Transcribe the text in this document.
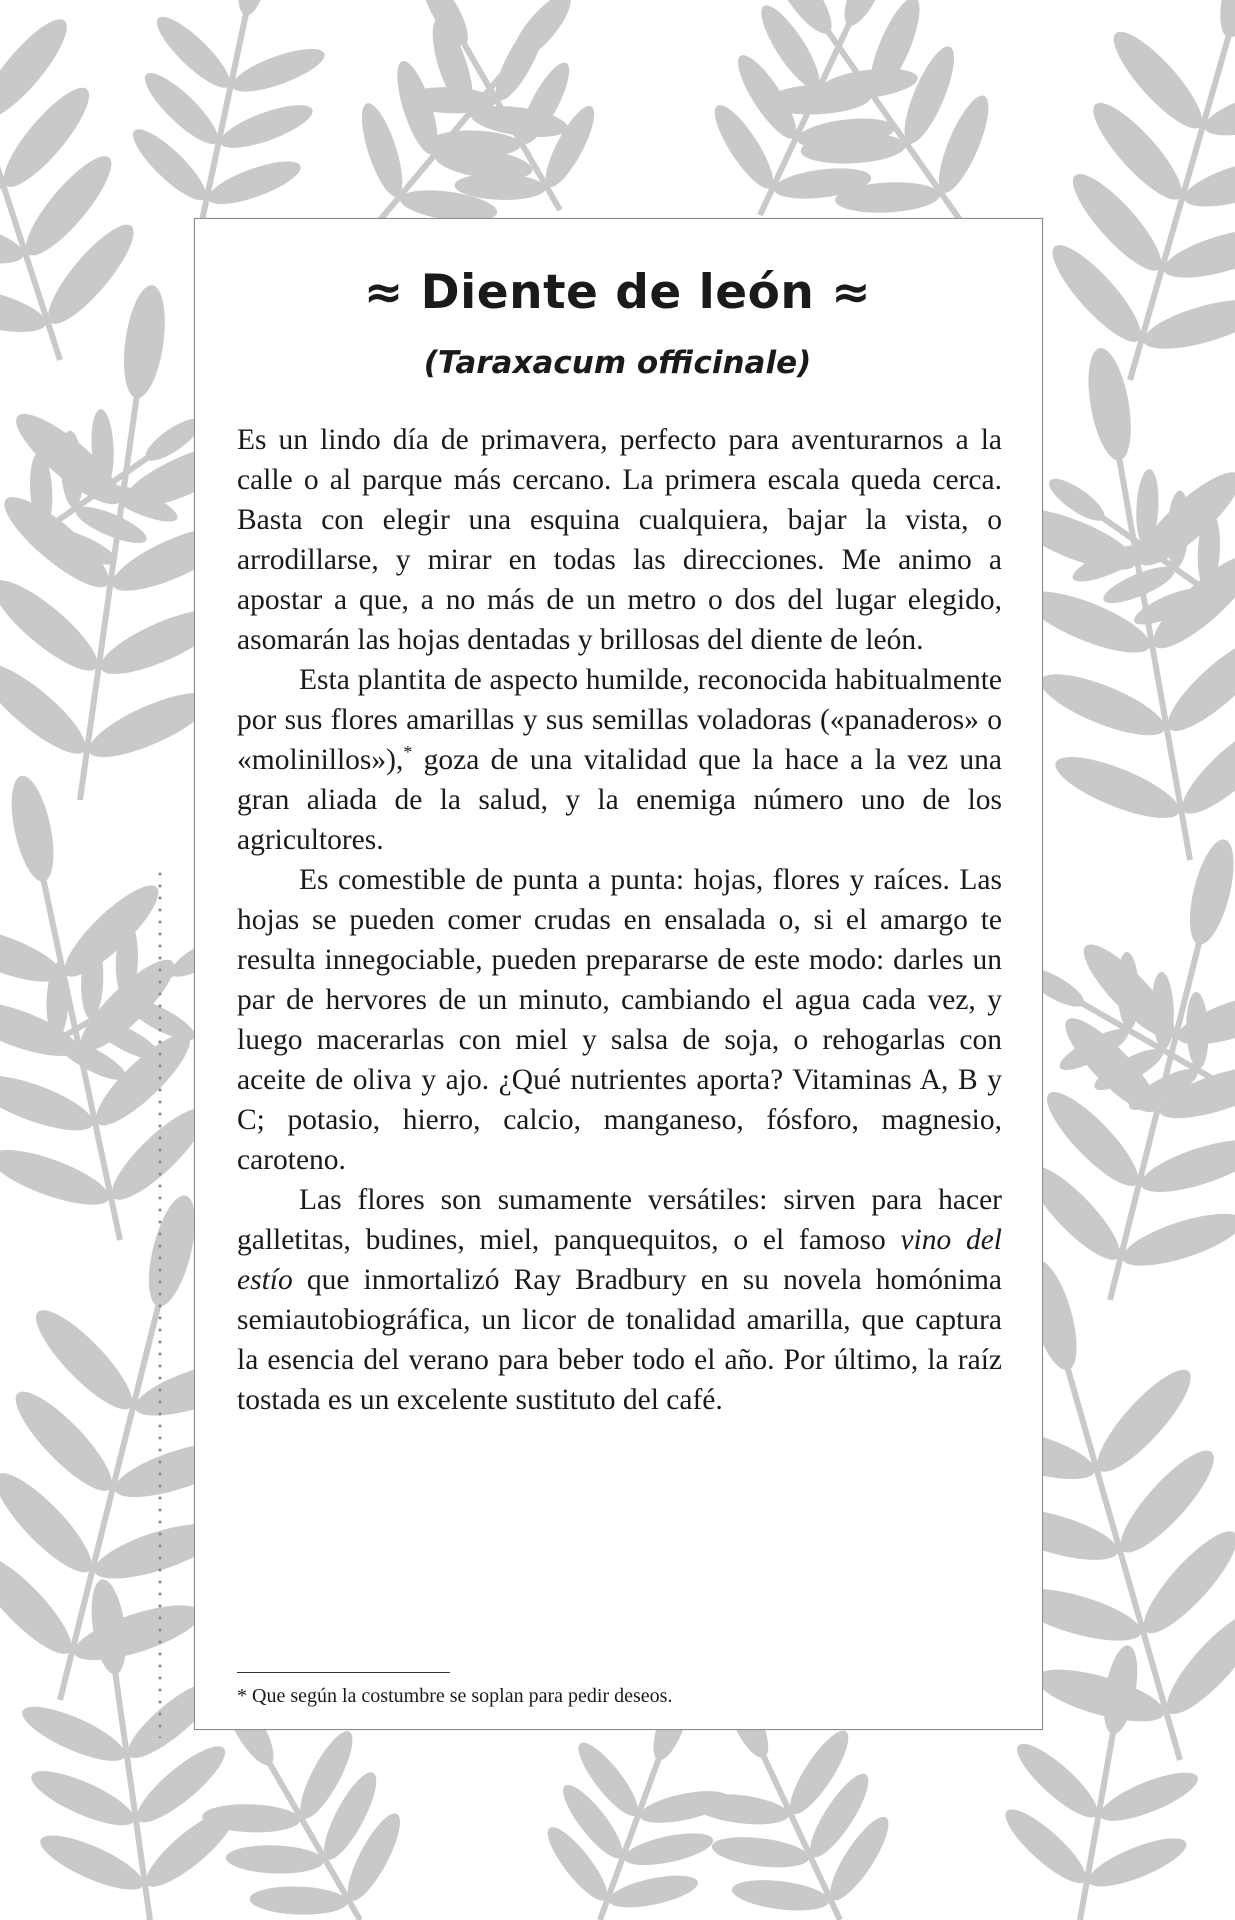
≈ Diente de león ≈
(Taraxacum officinale)

Es un lindo día de primavera, perfecto para aventurarnos a la calle o al parque más cercano. La primera escala queda cerca. Basta con elegir una esquina cualquiera, bajar la vista, o arrodillarse, y mirar en todas las direcciones. Me animo a apostar a que, a no más de un metro o dos del lugar elegido, asomarán las hojas dentadas y brillosas del diente de león.

Esta plantita de aspecto humilde, reconocida habitualmente por sus flores amarillas y sus semillas voladoras («panaderos» o «molinillos»),* goza de una vitalidad que la hace a la vez una gran aliada de la salud, y la enemiga número uno de los agricultores.

Es comestible de punta a punta: hojas, flores y raíces. Las hojas se pueden comer crudas en ensalada o, si el amargo te resulta innegociable, pueden prepararse de este modo: darles un par de hervores de un minuto, cambiando el agua cada vez, y luego macerarlas con miel y salsa de soja, o rehogarlas con aceite de oliva y ajo. ¿Qué nutrientes aporta? Vitaminas A, B y C; potasio, hierro, calcio, manganeso, fósforo, magnesio, caroteno.

Las flores son sumamente versátiles: sirven para hacer galletitas, budines, miel, panquequitos, o el famoso vino del estío que inmortalizó Ray Bradbury en su novela homónima semiautobiográfica, un licor de tonalidad amarilla, que captura la esencia del verano para beber todo el año. Por último, la raíz tostada es un excelente sustituto del café.

* Que según la costumbre se soplan para pedir deseos.
